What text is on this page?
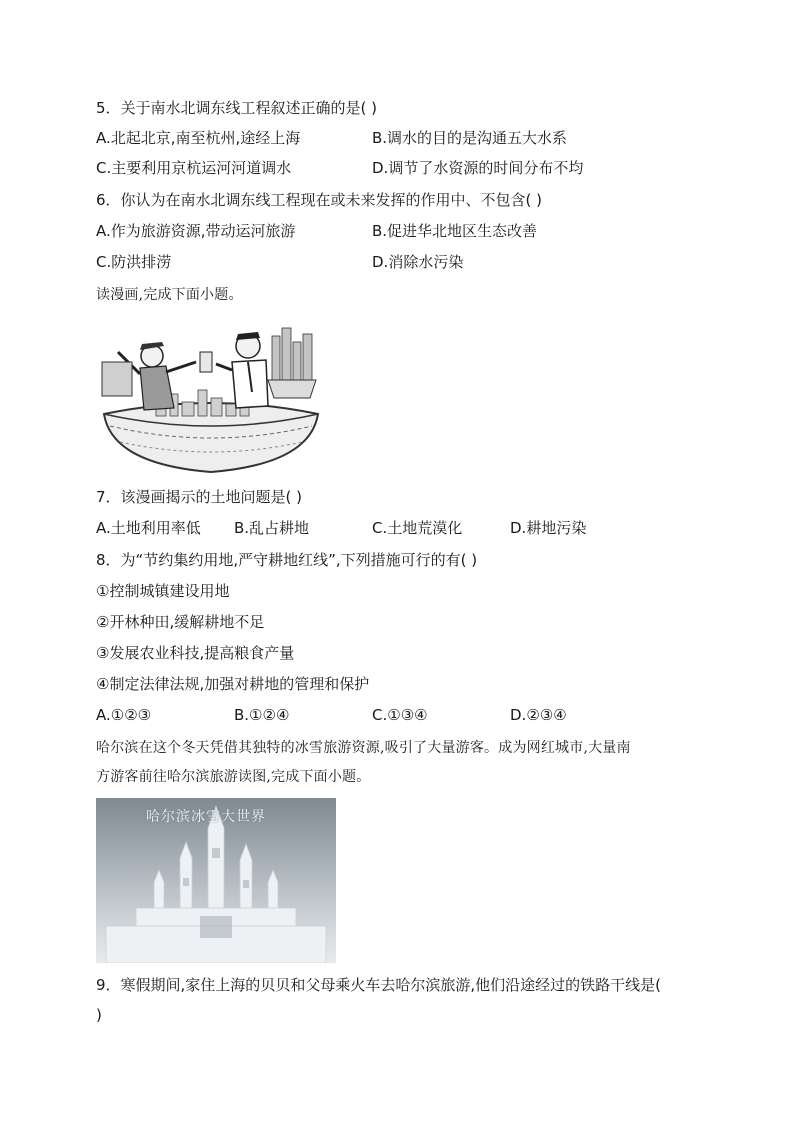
5．关于南水北调东线工程叙述正确的是( )
A.北起北京,南至杭州,途经上海	B.调水的目的是沟通五大水系
C.主要利用京杭运河河道调水	D.调节了水资源的时间分布不均
6．你认为在南水北调东线工程现在或未来发挥的作用中、不包含( )
A.作为旅游资源,带动运河旅游	B.促进华北地区生态改善
C.防洪排涝	D.消除水污染
读漫画,完成下面小题。
7．该漫画揭示的土地问题是( )
A.土地利用率低 B.乱占耕地	C.土地荒漠化	D.耕地污染
8．为“节约集约用地,严守耕地红线”,下列措施可行的有( )
①控制城镇建设用地
②开林种田,缓解耕地不足
③发展农业科技,提高粮食产量
④制定法律法规,加强对耕地的管理和保护
A.①②③	B.①②④	C.①③④	D.②③④
哈尔滨在这个冬天凭借其独特的冰雪旅游资源,吸引了大量游客。成为网红城市,大量南
方游客前往哈尔滨旅游读图,完成下面小题。
哈尔滨冰雪大世界
9．寒假期间,家住上海的贝贝和父母乘火车去哈尔滨旅游,他们沿途经过的铁路干线是(
)
